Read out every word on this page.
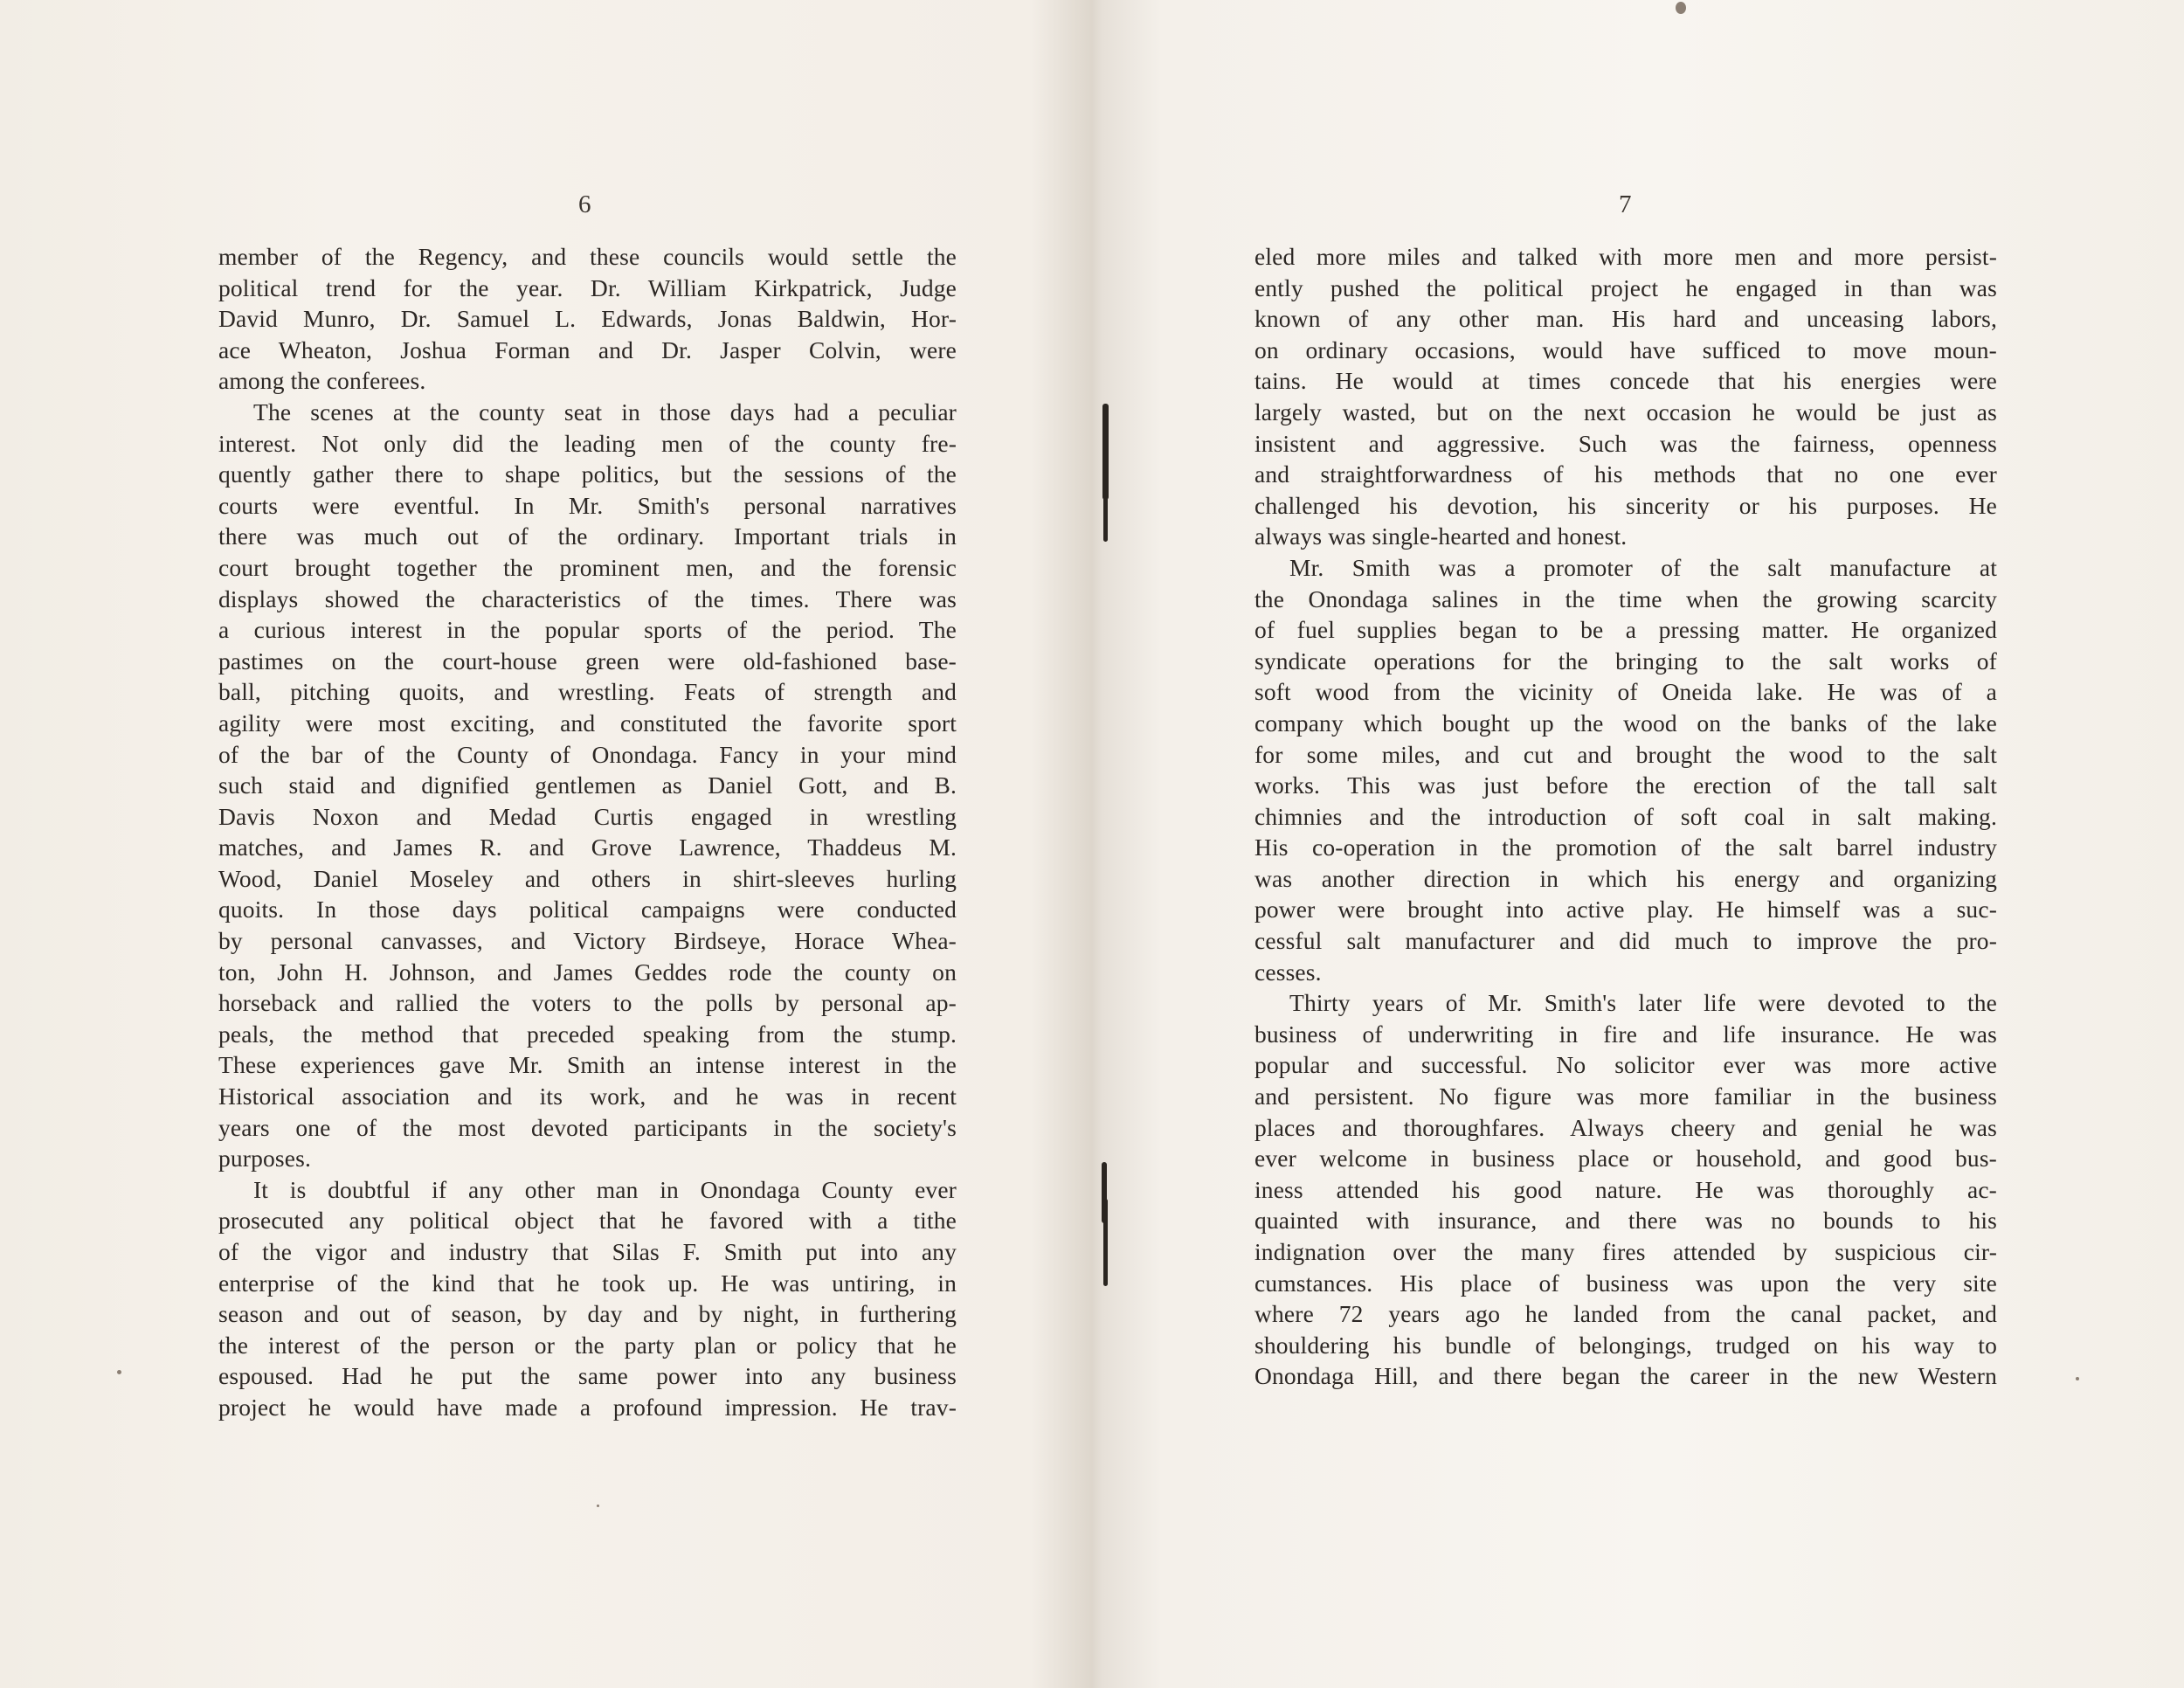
6
member of the Regency, and these councils would settle the
political trend for the year. Dr. William Kirkpatrick, Judge
David Munro, Dr. Samuel L. Edwards, Jonas Baldwin, Hor-
ace Wheaton, Joshua Forman and Dr. Jasper Colvin, were
among the conferees.
The scenes at the county seat in those days had a peculiar
interest. Not only did the leading men of the county fre-
quently gather there to shape politics, but the sessions of the
courts were eventful. In Mr. Smith's personal narratives
there was much out of the ordinary. Important trials in
court brought together the prominent men, and the forensic
displays showed the characteristics of the times. There was
a curious interest in the popular sports of the period. The
pastimes on the court-house green were old-fashioned base-
ball, pitching quoits, and wrestling. Feats of strength and
agility were most exciting, and constituted the favorite sport
of the bar of the County of Onondaga. Fancy in your mind
such staid and dignified gentlemen as Daniel Gott, and B.
Davis Noxon and Medad Curtis engaged in wrestling
matches, and James R. and Grove Lawrence, Thaddeus M.
Wood, Daniel Moseley and others in shirt-sleeves hurling
quoits. In those days political campaigns were conducted
by personal canvasses, and Victory Birdseye, Horace Whea-
ton, John H. Johnson, and James Geddes rode the county on
horseback and rallied the voters to the polls by personal ap-
peals, the method that preceded speaking from the stump.
These experiences gave Mr. Smith an intense interest in the
Historical association and its work, and he was in recent
years one of the most devoted participants in the society's
purposes.
It is doubtful if any other man in Onondaga County ever
prosecuted any political object that he favored with a tithe
of the vigor and industry that Silas F. Smith put into any
enterprise of the kind that he took up. He was untiring, in
season and out of season, by day and by night, in furthering
the interest of the person or the party plan or policy that he
espoused. Had he put the same power into any business
project he would have made a profound impression. He trav-
7
eled more miles and talked with more men and more persist-
ently pushed the political project he engaged in than was
known of any other man. His hard and unceasing labors,
on ordinary occasions, would have sufficed to move moun-
tains. He would at times concede that his energies were
largely wasted, but on the next occasion he would be just as
insistent and aggressive. Such was the fairness, openness
and straightforwardness of his methods that no one ever
challenged his devotion, his sincerity or his purposes. He
always was single-hearted and honest.
Mr. Smith was a promoter of the salt manufacture at
the Onondaga salines in the time when the growing scarcity
of fuel supplies began to be a pressing matter. He organized
syndicate operations for the bringing to the salt works of
soft wood from the vicinity of Oneida lake. He was of a
company which bought up the wood on the banks of the lake
for some miles, and cut and brought the wood to the salt
works. This was just before the erection of the tall salt
chimnies and the introduction of soft coal in salt making.
His co-operation in the promotion of the salt barrel industry
was another direction in which his energy and organizing
power were brought into active play. He himself was a suc-
cessful salt manufacturer and did much to improve the pro-
cesses.
Thirty years of Mr. Smith's later life were devoted to the
business of underwriting in fire and life insurance. He was
popular and successful. No solicitor ever was more active
and persistent. No figure was more familiar in the business
places and thoroughfares. Always cheery and genial he was
ever welcome in business place or household, and good bus-
iness attended his good nature. He was thoroughly ac-
quainted with insurance, and there was no bounds to his
indignation over the many fires attended by suspicious cir-
cumstances. His place of business was upon the very site
where 72 years ago he landed from the canal packet, and
shouldering his bundle of belongings, trudged on his way to
Onondaga Hill, and there began the career in the new Western
